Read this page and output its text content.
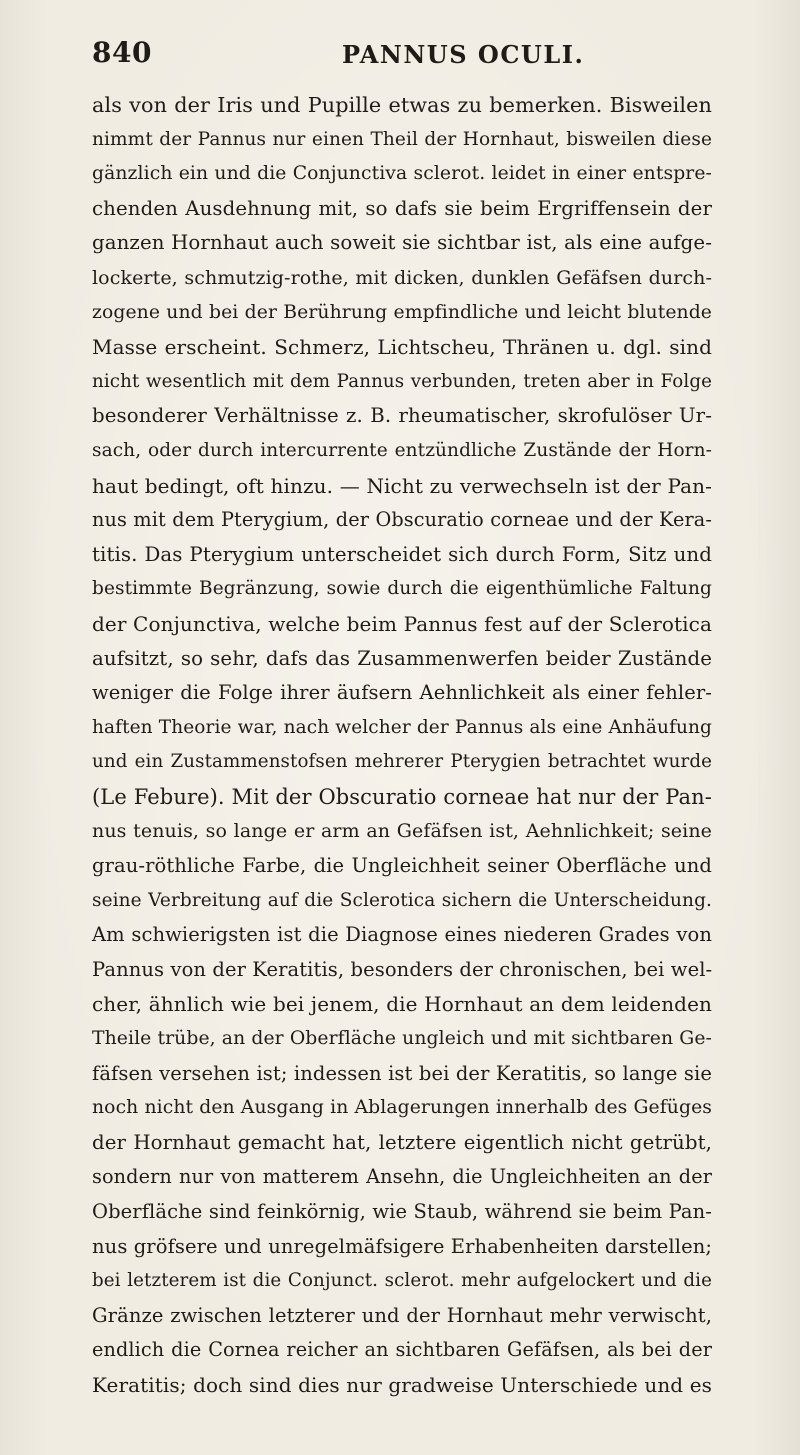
840	PANNUS OCULI.
als von der Iris und Pupille etwas zu bemerken. Bisweilen
nimmt der Pannus nur einen Theil der Hornhaut, bisweilen diese
gänzlich ein und die Conjunctiva sclerot. leidet in einer entspre-
chenden Ausdehnung mit, so dafs sie beim Ergriffensein der
ganzen Hornhaut auch soweit sie sichtbar ist, als eine aufge-
lockerte, schmutzig-rothe, mit dicken, dunklen Gefäfsen durch-
zogene und bei der Berührung empfindliche und leicht blutende
Masse erscheint. Schmerz, Lichtscheu, Thränen u. dgl. sind
nicht wesentlich mit dem Pannus verbunden, treten aber in Folge
besonderer Verhältnisse z. B. rheumatischer, skrofulöser Ur-
sach, oder durch intercurrente entzündliche Zustände der Horn-
haut bedingt, oft hinzu. — Nicht zu verwechseln ist der Pan-
nus mit dem Pterygium, der Obscuratio corneae und der Kera-
titis. Das Pterygium unterscheidet sich durch Form, Sitz und
bestimmte Begränzung, sowie durch die eigenthümliche Faltung
der Conjunctiva, welche beim Pannus fest auf der Sclerotica
aufsitzt, so sehr, dafs das Zusammenwerfen beider Zustände
weniger die Folge ihrer äufsern Aehnlichkeit als einer fehler-
haften Theorie war, nach welcher der Pannus als eine Anhäufung
und ein Zustammenstofsen mehrerer Pterygien betrachtet wurde
(Le Febure). Mit der Obscuratio corneae hat nur der Pan-
nus tenuis, so lange er arm an Gefäfsen ist, Aehnlichkeit; seine
grau-röthliche Farbe, die Ungleichheit seiner Oberfläche und
seine Verbreitung auf die Sclerotica sichern die Unterscheidung.
Am schwierigsten ist die Diagnose eines niederen Grades von
Pannus von der Keratitis, besonders der chronischen, bei wel-
cher, ähnlich wie bei jenem, die Hornhaut an dem leidenden
Theile trübe, an der Oberfläche ungleich und mit sichtbaren Ge-
fäfsen versehen ist; indessen ist bei der Keratitis, so lange sie
noch nicht den Ausgang in Ablagerungen innerhalb des Gefüges
der Hornhaut gemacht hat, letztere eigentlich nicht getrübt,
sondern nur von matterem Ansehn, die Ungleichheiten an der
Oberfläche sind feinkörnig, wie Staub, während sie beim Pan-
nus gröfsere und unregelmäfsigere Erhabenheiten darstellen;
bei letzterem ist die Conjunct. sclerot. mehr aufgelockert und die
Gränze zwischen letzterer und der Hornhaut mehr verwischt,
endlich die Cornea reicher an sichtbaren Gefäfsen, als bei der
Keratitis; doch sind dies nur gradweise Unterschiede und es
